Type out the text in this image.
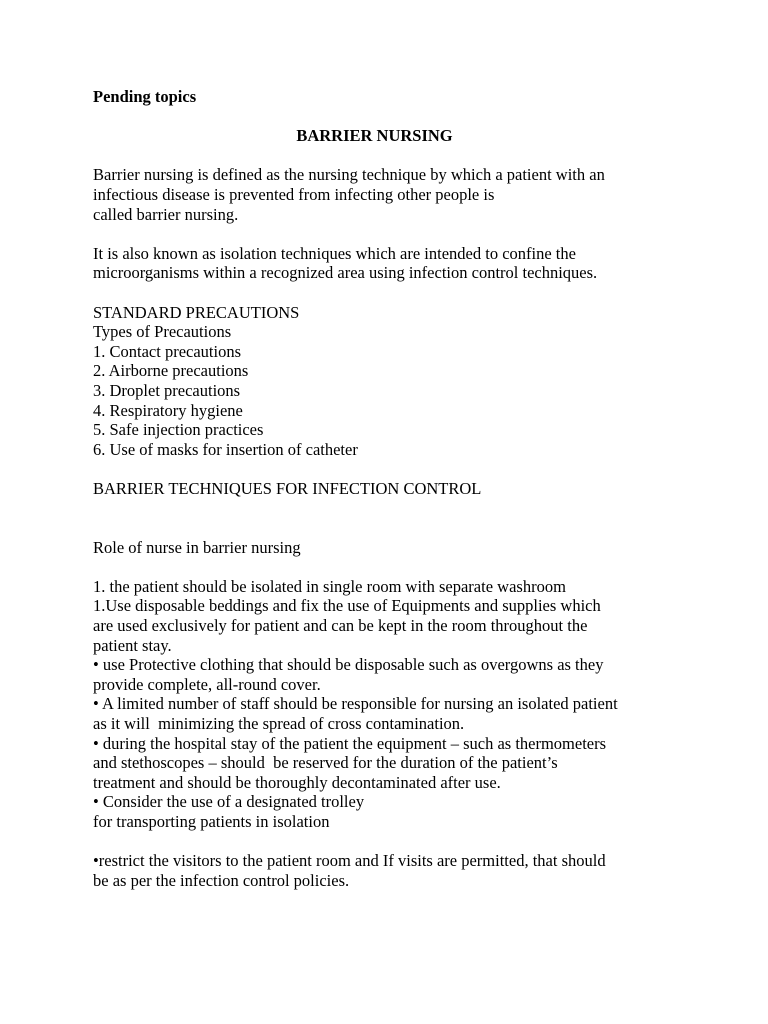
Pending topics
BARRIER NURSING
Barrier nursing is defined as the nursing technique by which a patient with an
infectious disease is prevented from infecting other people is
called barrier nursing.
It is also known as isolation techniques which are intended to confine the
microorganisms within a recognized area using infection control techniques.
STANDARD PRECAUTIONS
Types of Precautions
1. Contact precautions
2. Airborne precautions
3. Droplet precautions
4. Respiratory hygiene
5. Safe injection practices
6. Use of masks for insertion of catheter
BARRIER TECHNIQUES FOR INFECTION CONTROL
Role of nurse in barrier nursing
1. the patient should be isolated in single room with separate washroom
1.Use disposable beddings and fix the use of Equipments and supplies which
are used exclusively for patient and can be kept in the room throughout the
patient stay.
• use Protective clothing that should be disposable such as overgowns as they
provide complete, all-round cover.
• A limited number of staff should be responsible for nursing an isolated patient
as it will  minimizing the spread of cross contamination.
• during the hospital stay of the patient the equipment – such as thermometers
and stethoscopes – should  be reserved for the duration of the patient’s
treatment and should be thoroughly decontaminated after use.
• Consider the use of a designated trolley
for transporting patients in isolation
•restrict the visitors to the patient room and If visits are permitted, that should
be as per the infection control policies.
